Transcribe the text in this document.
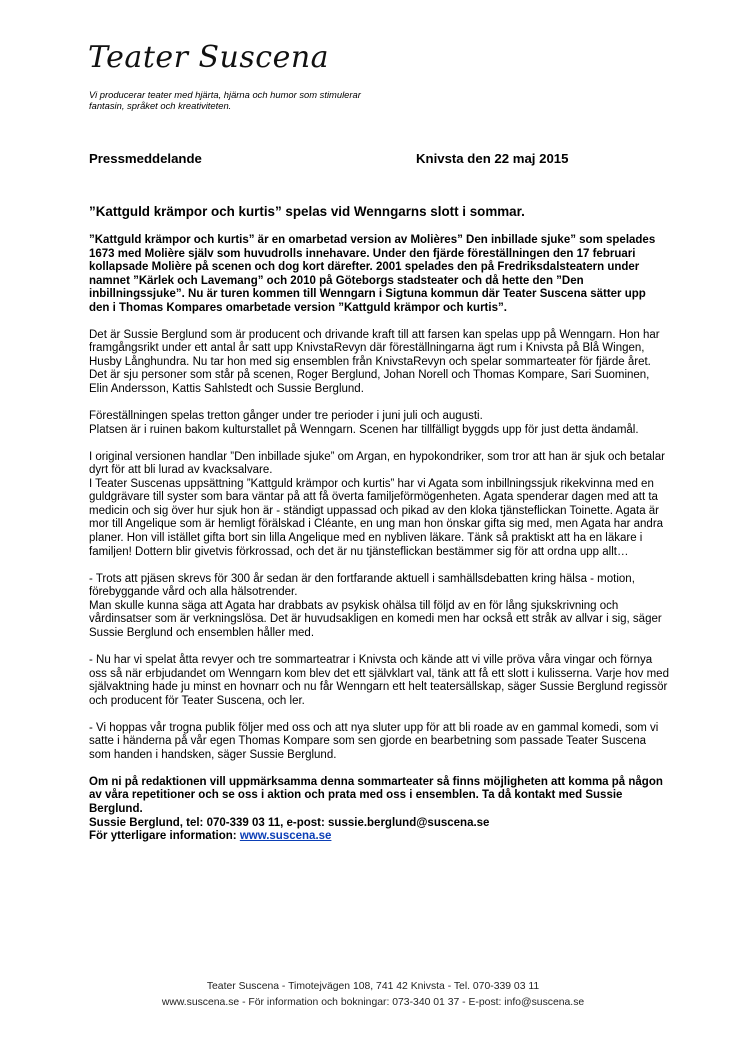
Teater Suscena
Vi producerar teater med hjärta, hjärna och humor som stimulerar fantasin, språket och kreativiteten.
Pressmeddelande	Knivsta den 22 maj 2015
”Kattguld krämpor och kurtis” spelas vid Wenngarns slott i sommar.

”Kattguld krämpor och kurtis” är en omarbetad version av Molières” Den inbillade sjuke” som spelades 1673 med Molière själv som huvudrolls innehavare. Under den fjärde föreställningen den 17 februari kollapsade Molière på scenen och dog kort därefter. 2001 spelades den på Fredriksdalsteatern under namnet ”Kärlek och Lavemang” och 2010 på Göteborgs stadsteater och då hette den ”Den inbillningssjuke”. Nu är turen kommen till Wenngarn i Sigtuna kommun där Teater Suscena sätter upp den i Thomas Kompares omarbetade version ”Kattguld krämpor och kurtis”.

Det är Sussie Berglund som är producent och drivande kraft till att farsen kan spelas upp på Wenngarn. Hon har framgångsrikt under ett antal år satt upp KnivstaRevyn där föreställningarna ägt rum i Knivsta på Blå Wingen, Husby Långhundra. Nu tar hon med sig ensemblen från KnivstaRevyn och spelar sommarteater för fjärde året.
Det är sju personer som står på scenen, Roger Berglund, Johan Norell och Thomas Kompare, Sari Suominen, Elin Andersson, Kattis Sahlstedt och Sussie Berglund.

Föreställningen spelas tretton gånger under tre perioder i juni juli och augusti.
Platsen är i ruinen bakom kulturstallet på Wenngarn. Scenen har tillfälligt byggds upp för just detta ändamål.

I original versionen handlar ”Den inbillade sjuke” om Argan, en hypokondriker, som tror att han är sjuk och betalar dyrt för att bli lurad av kvacksalvare.
I Teater Suscenas uppsättning ”Kattguld krämpor och kurtis” har vi Agata som inbillningssjuk rikekvinna med en guldgrävare till syster som bara väntar på att få överta familjeförmögenheten. Agata spenderar dagen med att ta medicin och sig över hur sjuk hon är - ständigt uppassad och pikad av den kloka tjänsteflickan Toinette. Agata är mor till Angelique som är hemligt förälskad i Cléante, en ung man hon önskar gifta sig med, men Agata har andra planer. Hon vill istället gifta bort sin lilla Angelique med en nybliven läkare. Tänk så praktiskt att ha en läkare i familjen! Dottern blir givetvis förkrossad, och det är nu tjänsteflickan bestämmer sig för att ordna upp allt…

- Trots att pjäsen skrevs för 300 år sedan är den fortfarande aktuell i samhällsdebatten kring hälsa - motion, förebyggande vård och alla hälsotrender.
Man skulle kunna säga att Agata har drabbats av psykisk ohälsa till följd av en för lång sjukskrivning och vårdinsatser som är verkningslösa. Det är huvudsakligen en komedi men har också ett stråk av allvar i sig, säger Sussie Berglund och ensemblen håller med.

- Nu har vi spelat åtta revyer och tre sommarteatrar i Knivsta och kände att vi ville pröva våra vingar och förnya oss så när erbjudandet om Wenngarn kom blev det ett självklart val, tänk att få ett slott i kulisserna. Varje hov med självaktning hade ju minst en hovnarr och nu får Wenngarn ett helt teatersällskap, säger Sussie Berglund regissör och producent för Teater Suscena, och ler.

- Vi hoppas vår trogna publik följer med oss och att nya sluter upp för att bli roade av en gammal komedi, som vi satte i händerna på vår egen Thomas Kompare som sen gjorde en bearbetning som passade Teater Suscena som handen i handsken, säger Sussie Berglund.

Om ni på redaktionen vill uppmärksamma denna sommarteater så finns möjligheten att komma på någon av våra repetitioner och se oss i aktion och prata med oss i ensemblen. Ta då kontakt med Sussie Berglund.
Sussie Berglund, tel: 070-339 03 11, e-post: sussie.berglund@suscena.se
För ytterligare information: www.suscena.se

Teater Suscena - Timotejvägen 108, 741 42 Knivsta - Tel. 070-339 03 11
www.suscena.se - För information och bokningar: 073-340 01 37 - E-post: info@suscena.se
